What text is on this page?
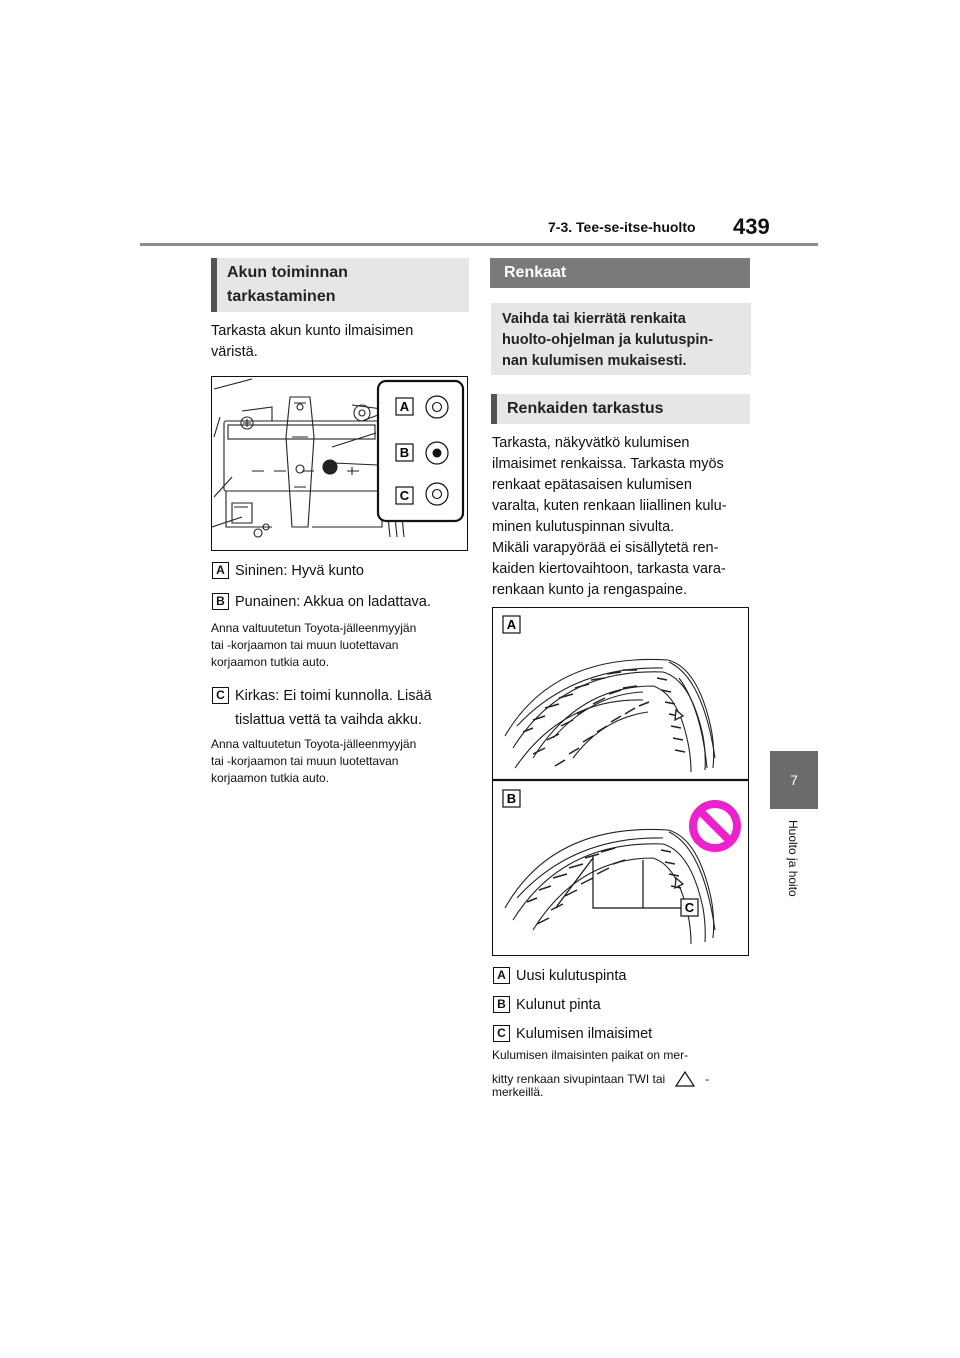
7-3. Tee-se-itse-huolto 439
7
Huolto ja hoito
Akun toiminnan
tarkastaminen
Tarkasta akun kunto ilmaisimen
väristä.
A
B
C
A Sininen: Hyvä kunto
B Punainen: Akkua on ladattava.
Anna valtuutetun Toyota-jälleenmyyjän
tai -korjaamon tai muun luotettavan
korjaamon tutkia auto.
C Kirkas: Ei toimi kunnolla. Lisää
tislattua vettä ta vaihda akku.
Anna valtuutetun Toyota-jälleenmyyjän
tai -korjaamon tai muun luotettavan
korjaamon tutkia auto.
Renkaat
Vaihda tai kierrätä renkaita
huolto-ohjelman ja kulutuspin-
nan kulumisen mukaisesti.
Renkaiden tarkastus
Tarkasta, näkyvätkö kulumisen
ilmaisimet renkaissa. Tarkasta myös
renkaat epätasaisen kulumisen
varalta, kuten renkaan liiallinen kulu-
minen kulutuspinnan sivulta.
Mikäli varapyörää ei sisällytetä ren-
kaiden kiertovaihtoon, tarkasta vara-
renkaan kunto ja rengaspaine.
A
B
C
A Uusi kulutuspinta
B Kulunut pinta
C Kulumisen ilmaisimet
Kulumisen ilmaisinten paikat on mer-
kitty renkaan sivupintaan TWI tai	-
merkeillä.
